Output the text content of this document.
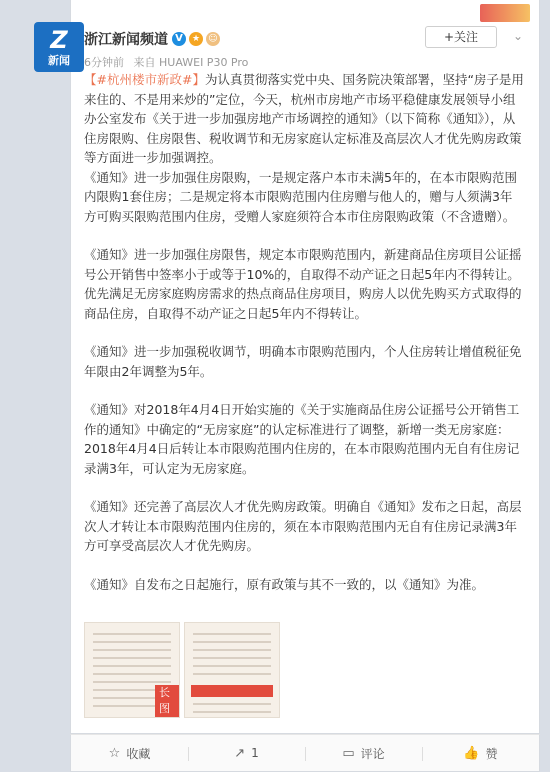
Z
新闻
浙江新闻频道 V	★ ☺
6分钟前 来自 HUAWEI P30 Pro
+关注	⌄

【#杭州楼市新政#】为认真贯彻落实党中央、国务院决策部署，坚持“房子是用来住的、不是用来炒的”定位，今天，杭州市房地产市场平稳健康发展领导小组办公室发布《关于进一步加强房地产市场调控的通知》（以下简称《通知》），从住房限购、住房限售、税收调节和无房家庭认定标准及高层次人才优先购房政策等方面进一步加强调控。

《通知》进一步加强住房限购，一是规定落户本市未满5年的，在本市限购范围内限购1套住房；二是规定将本市限购范围内住房赠与他人的，赠与人须满3年方可购买限购范围内住房，受赠人家庭须符合本市住房限购政策（不含遗赠）。

《通知》进一步加强住房限售，规定本市限购范围内，新建商品住房项目公证摇号公开销售中签率小于或等于10%的，自取得不动产证之日起5年内不得转让。优先满足无房家庭购房需求的热点商品住房项目，购房人以优先购买方式取得的商品住房，自取得不动产证之日起5年内不得转让。

《通知》进一步加强税收调节，明确本市限购范围内，个人住房转让增值税征免年限由2年调整为5年。

《通知》对2018年4月4日开始实施的《关于实施商品住房公证摇号公开销售工作的通知》中确定的“无房家庭”的认定标准进行了调整，新增一类无房家庭：2018年4月4日后转让本市限购范围内住房的，在本市限购范围内无自有住房记录满3年，可认定为无房家庭。

《通知》还完善了高层次人才优先购房政策。明确自《通知》发布之日起，高层次人才转让本市限购范围内住房的，须在本市限购范围内无自有住房记录满3年方可享受高层次人才优先购房。

《通知》自发布之日起施行，原有政策与其不一致的，以《通知》为准。

长图
☆ 收藏	↗ 1	▭ 评论	👍 赞
